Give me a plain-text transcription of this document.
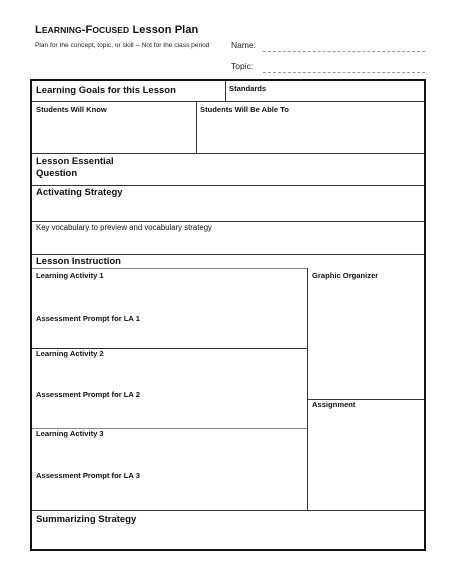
LEARNING-FOCUSED Lesson Plan
Plan for the concept, topic, or skill -- Not for the class period	Name:
Topic:
Learning Goals for this Lesson	Standards
Students Will Know	Students Will Be Able To
Lesson Essential Question
Activating Strategy
Key vocabulary to preview and vocabulary strategy
Lesson Instruction
Learning Activity 1
Assessment Prompt for LA 1
Learning Activity 2
Assessment Prompt for LA 2
Learning Activity 3
Assessment Prompt for LA 3
Graphic Organizer
Assignment
Summarizing Strategy
